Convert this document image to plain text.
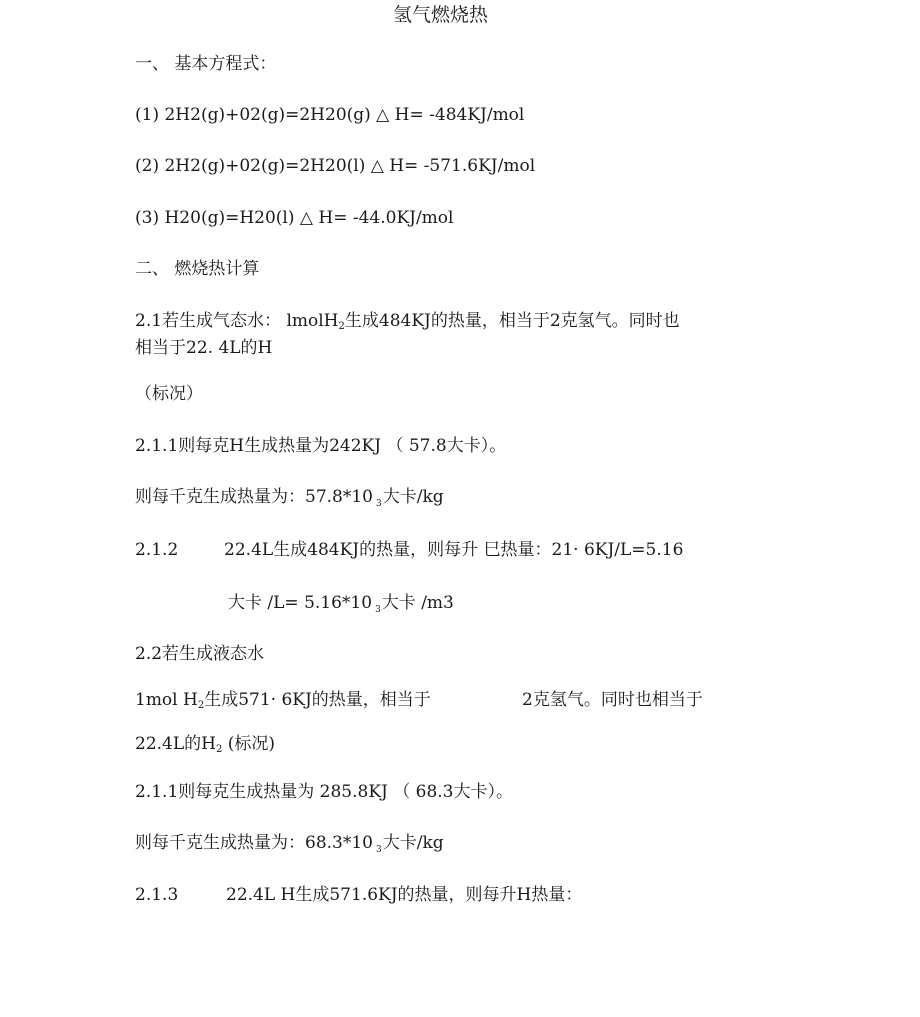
氢气燃烧热
一、 基本方程式：
(1) 2H2(g)+02(g)=2H20(g) △ H= -484KJ/mol
(2) 2H2(g)+02(g)=2H20(l) △ H= -571.6KJ/mol
(3) H20(g)=H20(l) △ H= -44.0KJ/mol
二、 燃烧热计算
2.1若生成气态水： lmolH$_2$生成484KJ的热量，相当于2克氢气。同时也
相当于22. 4L的H
（标况）
2.1.1则每克H生成热量为242KJ （ 57.8大卡）。
则每千克生成热量为：57.8*10 $_3$大卡/kg
2.1.2	22.4L生成484KJ的热量，则每升 巳热量：21· 6KJ/L=5.16
大卡 /L= 5.16*10 $_3$大卡 /m3
2.2若生成液态水
1mol $H_2$生成571· 6KJ的热量，相当于	2克氢气。同时也相当于
22.4L的$H_2$ (标况)
2.1.1则每克生成热量为 285.8KJ （ 68.3大卡）。
则每千克生成热量为：68.3*10 $_3$大卡/kg
2.1.3	22.4L H生成571.6KJ的热量，则每升H热量：
